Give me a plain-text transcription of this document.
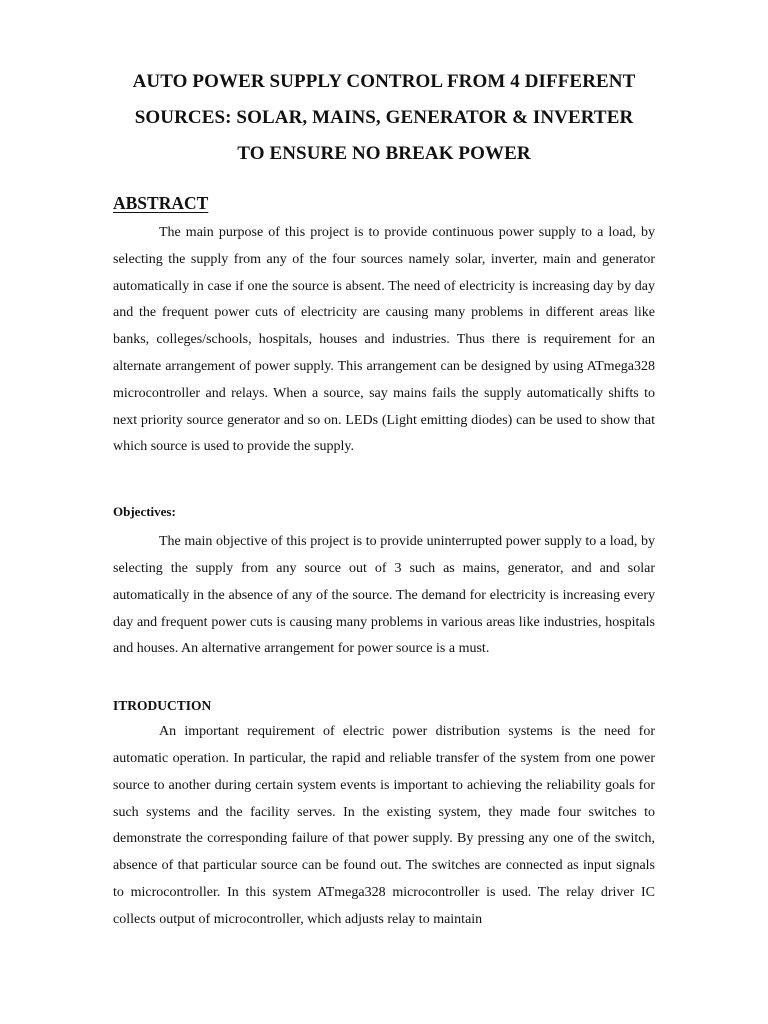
AUTO POWER SUPPLY CONTROL FROM 4 DIFFERENT
SOURCES: SOLAR, MAINS, GENERATOR & INVERTER
TO ENSURE NO BREAK POWER
ABSTRACT

The main purpose of this project is to provide continuous power supply to a load, by selecting the supply from any of the four sources namely solar, inverter, main and generator automatically in case if one the source is absent. The need of electricity is increasing day by day and the frequent power cuts of electricity are causing many problems in different areas like banks, colleges/schools, hospitals, houses and industries. Thus there is requirement for an alternate arrangement of power supply. This arrangement can be designed by using ATmega328 microcontroller and relays. When a source, say mains fails the supply automatically shifts to next priority source generator and so on. LEDs (Light emitting diodes) can be used to show that which source is used to provide the supply.

Objectives:

The main objective of this project is to provide uninterrupted power supply to a load, by selecting the supply from any source out of 3 such as mains, generator, and and solar automatically in the absence of any of the source. The demand for electricity is increasing every day and frequent power cuts is causing many problems in various areas like industries, hospitals and houses. An alternative arrangement for power source is a must.

ITRODUCTION

An important requirement of electric power distribution systems is the need for automatic operation. In particular, the rapid and reliable transfer of the system from one power source to another during certain system events is important to achieving the reliability goals for such systems and the facility serves. In the existing system, they made four switches to demonstrate the corresponding failure of that power supply. By pressing any one of the switch, absence of that particular source can be found out. The switches are connected as input signals to microcontroller. In this system ATmega328 microcontroller is used. The relay driver IC collects output of microcontroller, which adjusts relay to maintain
